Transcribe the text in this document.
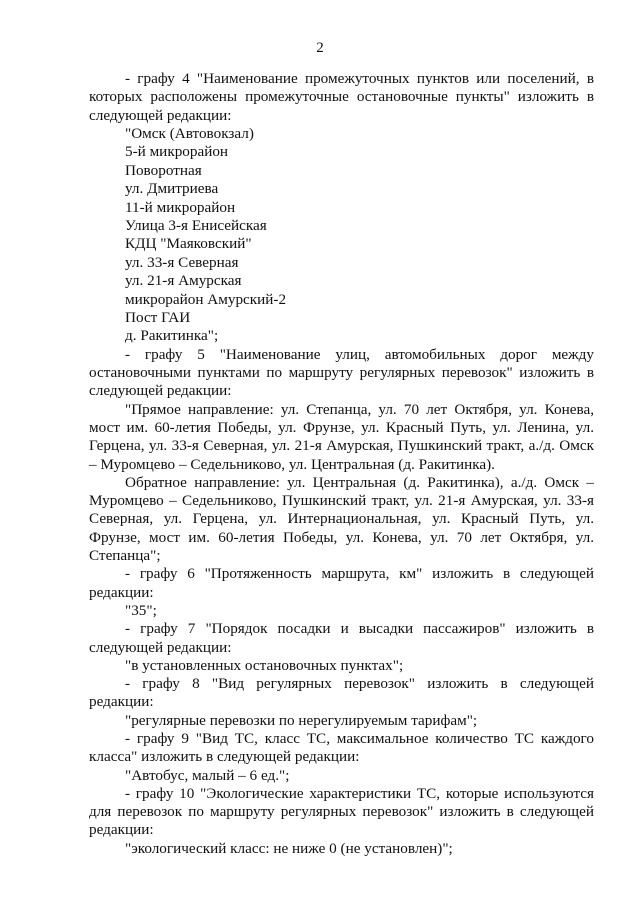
2

- графу 4 "Наименование промежуточных пунктов или поселений, в которых расположены промежуточные остановочные пункты" изложить в следующей редакции:

"Омск (Автовокзал)
5-й микрорайон
Поворотная
ул. Дмитриева
11-й микрорайон
Улица 3-я Енисейская
КДЦ "Маяковский"
ул. 33-я Северная
ул. 21-я Амурская
микрорайон Амурский-2
Пост ГАИ
д. Ракитинка";

- графу 5 "Наименование улиц, автомобильных дорог между остановочными пунктами по маршруту регулярных перевозок" изложить в следующей редакции:

"Прямое направление: ул. Степанца, ул. 70 лет Октября, ул. Конева, мост им. 60-летия Победы, ул. Фрунзе, ул. Красный Путь, ул. Ленина, ул. Герцена, ул. 33-я Северная, ул. 21-я Амурская, Пушкинский тракт, а./д. Омск – Муромцево – Седельниково, ул. Центральная (д. Ракитинка).

Обратное направление: ул. Центральная (д. Ракитинка), а./д. Омск – Муромцево – Седельниково, Пушкинский тракт, ул. 21-я Амурская, ул. 33-я Северная, ул. Герцена, ул. Интернациональная, ул. Красный Путь, ул. Фрунзе, мост им. 60-летия Победы, ул. Конева, ул. 70 лет Октября, ул. Степанца";

- графу 6 "Протяженность маршрута, км" изложить в следующей редакции:

"35";

- графу 7 "Порядок посадки и высадки пассажиров" изложить в следующей редакции:

"в установленных остановочных пунктах";

- графу 8 "Вид регулярных перевозок" изложить в следующей редакции:

"регулярные перевозки по нерегулируемым тарифам";

- графу 9 "Вид ТС, класс ТС, максимальное количество ТС каждого класса" изложить в следующей редакции:

"Автобус, малый – 6 ед.";

- графу 10 "Экологические характеристики ТС, которые используются для перевозок по маршруту регулярных перевозок" изложить в следующей редакции:

"экологический класс: не ниже 0 (не установлен)";
